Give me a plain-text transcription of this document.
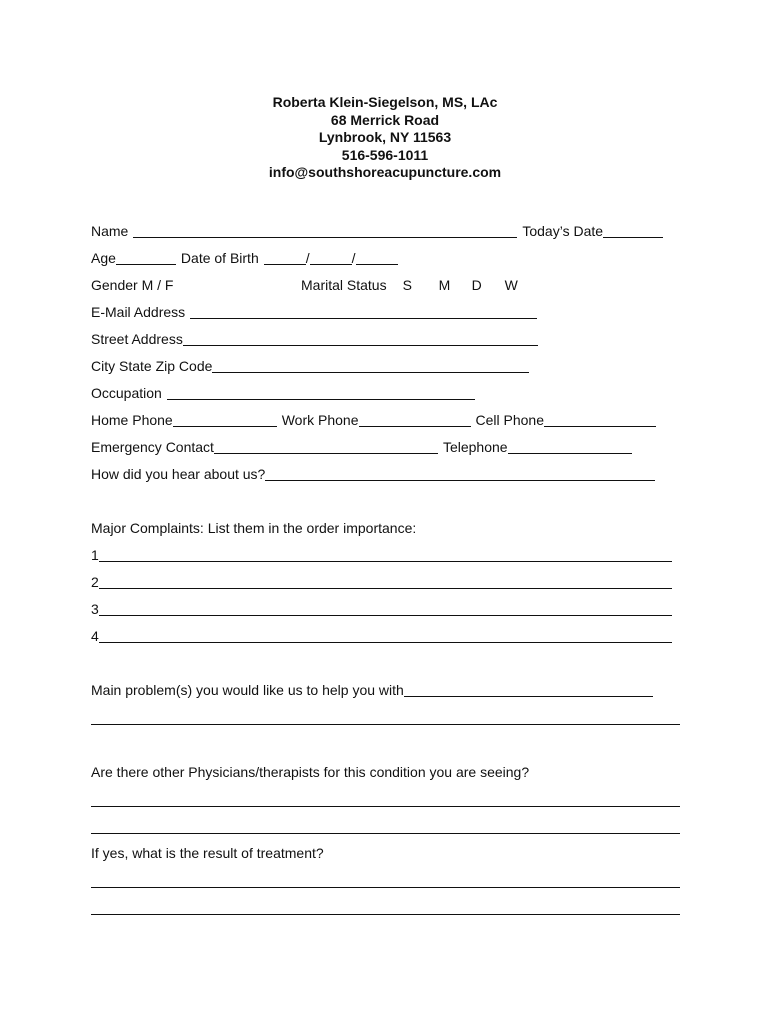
Roberta Klein-Siegelson, MS, LAc
68 Merrick Road
Lynbrook, NY 11563
516-596-1011
info@southshoreacupuncture.com
Name	Today’s Date
Age	Date of Birth	/	/
Gender M / F	Marital Status S	M	D	W
E-Mail Address
Street Address
City State Zip Code
Occupation
Home Phone	Work Phone	Cell Phone
Emergency Contact	Telephone
How did you hear about us?
Major Complaints: List them in the order importance:
1
2
3
4
Main problem(s) you would like us to help you with
Are there other Physicians/therapists for this condition you are seeing?
If yes, what is the result of treatment?
